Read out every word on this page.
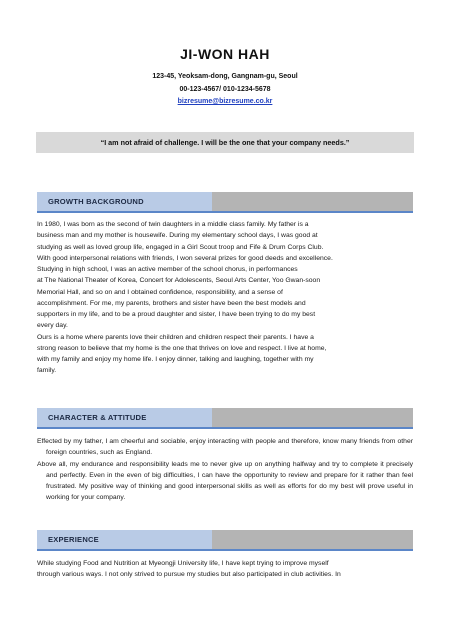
JI-WON HAH
123-45, Yeoksam-dong, Gangnam-gu, Seoul
00-123-4567/ 010-1234-5678
bizresume@bizresume.co.kr
“I am not afraid of challenge. I will be the one that your company needs.”
GROWTH BACKGROUND

In 1980, I was born as the second of twin daughters in a middle class family. My father is a

business man and my mother is housewife. During my elementary school days, I was good at

studying as well as loved group life, engaged in a Girl Scout troop and Fife & Drum Corps Club.

With good interpersonal relations with friends, I won several prizes for good deeds and excellence.

Studying in high school, I was an active member of the school chorus, in performances

at The National Theater of Korea, Concert for Adolescents, Seoul Arts Center, Yoo Gwan-soon

Memorial Hall, and so on and I obtained confidence, responsibility, and a sense of

accomplishment. For me, my parents, brothers and sister have been the best models and

supporters in my life, and to be a proud daughter and sister, I have been trying to do my best

every day.

Ours is a home where parents love their children and children respect their parents. I have a

strong reason to believe that my home is the one that thrives on love and respect. I live at home,

with my family and enjoy my home life. I enjoy dinner, talking and laughing, together with my

family.

CHARACTER & ATTITUDE

Effected by my father, I am cheerful and sociable, enjoy interacting with people and therefore, know many friends from other foreign countries, such as England.

Above all, my endurance and responsibility leads me to never give up on anything halfway and try to complete it precisely and perfectly. Even in the even of big difficulties, I can have the opportunity to review and prepare for it rather than feel frustrated. My positive way of thinking and good interpersonal skills as well as efforts for do my best will prove useful in working for your company.

EXPERIENCE

While studying Food and Nutrition at Myeongji University life, I have kept trying to improve myself

through various ways. I not only strived to pursue my studies but also participated in club activities. In
